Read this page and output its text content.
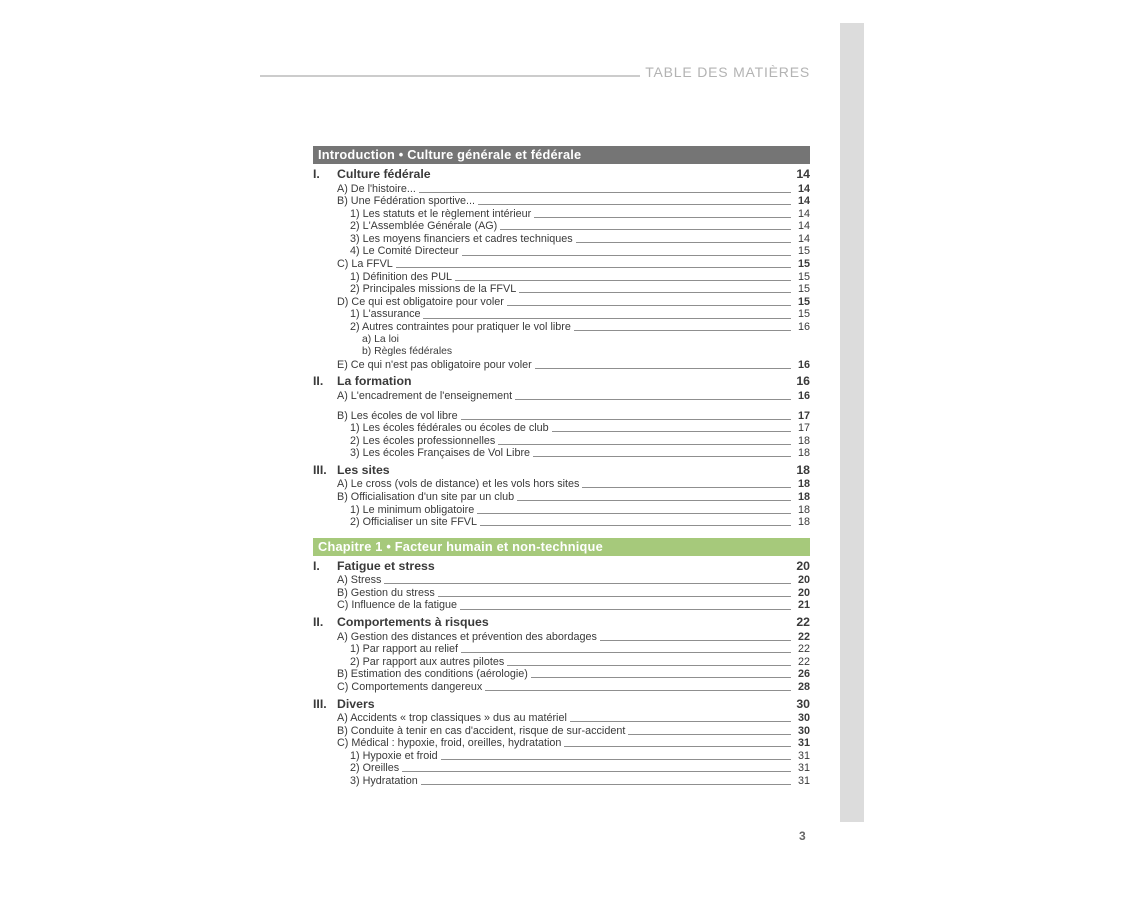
TABLE DES MATIÈRES
Introduction • Culture générale et fédérale
I. Culture fédérale	14
A) De l'histoire...	14
B) Une Fédération sportive...	14
1) Les statuts et le règlement intérieur	14
2) L'Assemblée Générale (AG)	14
3) Les moyens financiers et cadres techniques	14
4) Le Comité Directeur	15
C) La FFVL	15
1) Définition des PUL	15
2) Principales missions de la FFVL	15
D) Ce qui est obligatoire pour voler	15
1) L'assurance	15
2) Autres contraintes pour pratiquer le vol libre	16
a) La loi
b) Règles fédérales
E) Ce qui n'est pas obligatoire pour voler	16
II. La formation	16
A) L'encadrement de l'enseignement	16
B) Les écoles de vol libre	17
1) Les écoles fédérales ou écoles de club	17
2) Les écoles professionnelles	18
3) Les écoles Françaises de Vol Libre	18
III. Les sites	18
A) Le cross (vols de distance) et les vols hors sites	18
B) Officialisation d'un site par un club	18
1) Le minimum obligatoire	18
2) Officialiser un site FFVL	18
Chapitre 1 • Facteur humain et non-technique
I. Fatigue et stress	20
A) Stress	20
B) Gestion du stress	20
C) Influence de la fatigue	21
II. Comportements à risques	22
A) Gestion des distances et prévention des abordages	22
1) Par rapport au relief	22
2) Par rapport aux autres pilotes	22
B) Estimation des conditions (aérologie)	26
C) Comportements dangereux	28
III. Divers	30
A) Accidents « trop classiques » dus au matériel	30
B) Conduite à tenir en cas d'accident, risque de sur-accident	30
C) Médical : hypoxie, froid, oreilles, hydratation	31
1) Hypoxie et froid	31
2) Oreilles	31
3) Hydratation	31
3
